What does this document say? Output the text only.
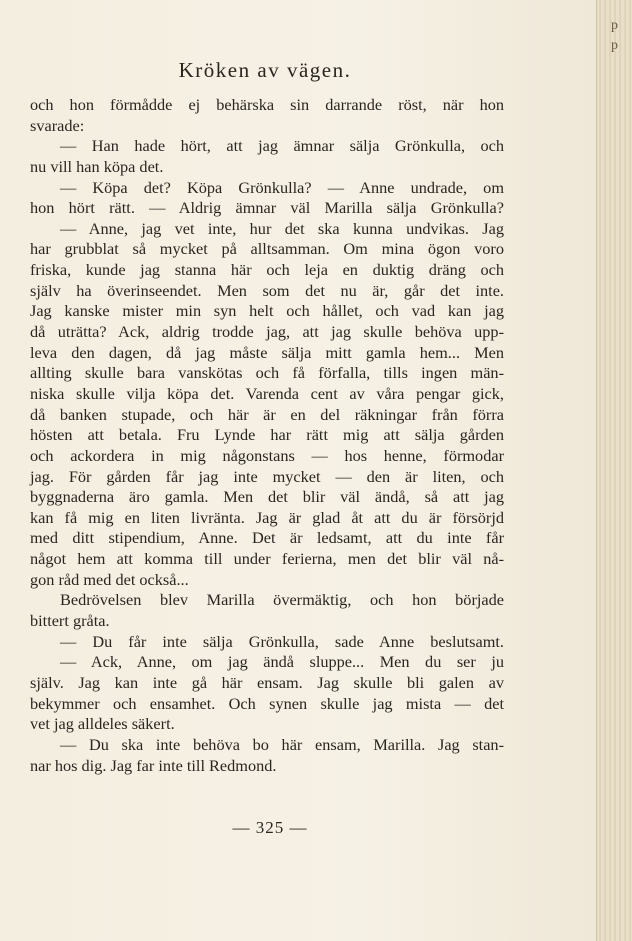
Kröken av vägen.
och hon förmådde ej behärska sin darrande röst, när hon
svarade:
— Han hade hört, att jag ämnar sälja Grönkulla, och
nu vill han köpa det.
— Köpa det? Köpa Grönkulla? — Anne undrade, om
hon hört rätt. — Aldrig ämnar väl Marilla sälja Grönkulla?
— Anne, jag vet inte, hur det ska kunna undvikas. Jag
har grubblat så mycket på alltsamman. Om mina ögon voro
friska, kunde jag stanna här och leja en duktig dräng och
själv ha överinseendet. Men som det nu är, går det inte.
Jag kanske mister min syn helt och hållet, och vad kan jag
då uträtta? Ack, aldrig trodde jag, att jag skulle behöva upp-
leva den dagen, då jag måste sälja mitt gamla hem... Men
allting skulle bara vanskötas och få förfalla, tills ingen män-
niska skulle vilja köpa det. Varenda cent av våra pengar gick,
då banken stupade, och här är en del räkningar från förra
hösten att betala. Fru Lynde har rätt mig att sälja gården
och ackordera in mig någonstans — hos henne, förmodar
jag. För gården får jag inte mycket — den är liten, och
byggnaderna äro gamla. Men det blir väl ändå, så att jag
kan få mig en liten livränta. Jag är glad åt att du är försörjd
med ditt stipendium, Anne. Det är ledsamt, att du inte får
något hem att komma till under ferierna, men det blir väl nå-
gon råd med det också...
Bedrövelsen blev Marilla övermäktig, och hon började
bittert gråta.
— Du får inte sälja Grönkulla, sade Anne beslutsamt.
— Ack, Anne, om jag ändå sluppe... Men du ser ju
själv. Jag kan inte gå här ensam. Jag skulle bli galen av
bekymmer och ensamhet. Och synen skulle jag mista — det
vet jag alldeles säkert.
— Du ska inte behöva bo här ensam, Marilla. Jag stan-
nar hos dig. Jag far inte till Redmond.
— 325 —
p
p
